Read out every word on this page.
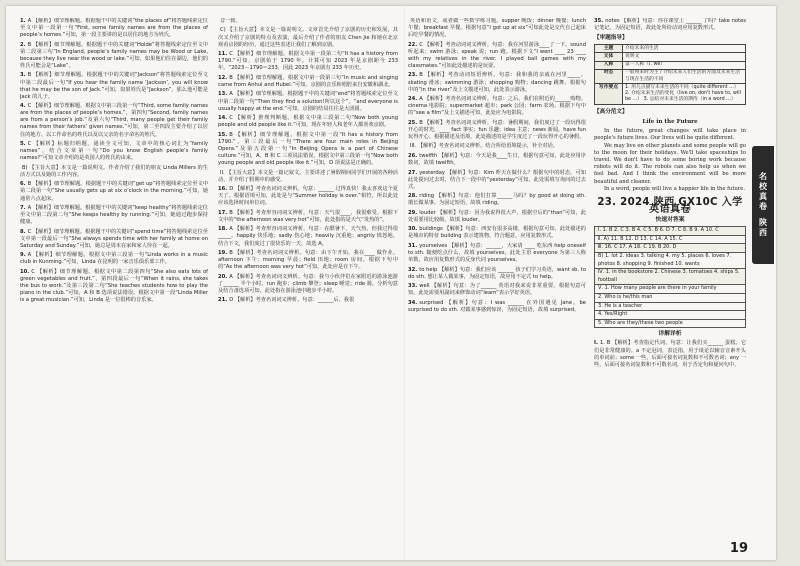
1. A 【解析】细节理解题。根据题干中的关键词“the places of”将答题线索定位至文中第一段第一句“First, some family names are from the places of people’s homes.”可知，第一段主要讲的是以居住的地方为姓氏。
2. B 【解析】细节理解题。根据题干中的关键词“Holde”将答题线索定位至文中第二段第三句“In England, people’s family names may be Wood or Lake, because they live near the wood or lake.”可知，如果他们住在湖边，他们的姓氏可能会是“Lake”。
3. B 【解析】细节理解题。根据题干中的关键词“Jackson”将答题线索定位至文中第二段最后一句“If you hear the family name ‘Jackson’, you will know that he may be the son of Jack.”可知，如果姓氏是“Jackson”，那么他可能是 Jack 的儿子。
4. C 【解析】细节理解题。根据文中第三段第一句“Third, some family names are from the places of people’s homes.”，第四句“Second, family names are from a person’s job.”及第六句“Third, many people get their family names from their fathers’ given names.”可知，第二至四段主要介绍了以居住的地方、以工作命名的姓氏以及以父亲的名字命名的姓氏。
5. C 【解析】标题归纳题。通读全文可知，文章中的核心词汇为“family names”，结合文章第一句“Do you know English people’s family names?”可知文章介绍的是英国人的姓氏的由来。
B) 【主旨大意】本文是一篇说明文。作者介绍了我们的朋友 Linda Millers 的生活方式以及她的工作内容。
6. B 【解析】细节理解题。根据题干中的关键词“get up”将答题线索定位至文中第二段第一句“She usually gets up at six o’clock in the morning.”可知，她通常六点起床。
7. A 【解析】细节理解题。根据题干中的关键词“keep healthy”将答题线索定位至文中第二段第二句“She keeps healthy by running.”可知，她通过跑步保持健康。
8. C 【解析】细节理解题。根据题干中的关键词“spend time”将答题线索定位至文中第一段最后一句“She always spends time with her family at home on Saturday and Sunday.”可知，她总是周末在家和家人待在一起。
9. A 【解析】细节理解题。根据文中第三段第一句“Linda works in a music club in Kunming.”可知，Linda 在昆明的一家音乐俱乐部工作。
10. C 【解析】细节理解题。根据文中第二段第四句“She also eats lots of green vegetables and fruit.”，第四段最后一句“When it rains, she takes the bus to work.”及第三段第二句“She teaches students how to play the piano in the club.”可知，A 和 B 选项说法错误。根据文中第一段“Linda Miller is a great musician.”可知，Linda 是一位很棒的音乐家。
音一致。
C) 【主旨大意】本文是一篇说明文。文章首先介绍了京剧的历史和发展，其次又介绍了京剧的特点及表演，最后介绍了作者的朋友 Chen Jie 和她在北京观看京剧的经历，通过这些表述让我们了解到京剧。
11. C 【解析】细节理解题。根据文中第一段第二句“It has a history from 1790.”可知，京剧始于 1790 年。计算可知 2023 年是京剧距今 233 年。“2023－1790＝233，因此 2023 年京剧有 233 年历史。
12. B 【解析】细节理解题。根据文中第一段第三句“In music and singing came from Anhui and Hubei.”可知，京剧的音乐和唱腔来自安徽和湖北。
13. A 【解析】细节理解题。根据题干中的关键词“end”将答题线索定位至文中第二段第一句“Then they find a solution!所以这个”，“and everyone is usually happy at the end.”可知，京剧的结局往往是大团圆。
14. C 【解析】推理判断题。根据文中第三段第二句“Now both young people and old people like it.”可知，现在年轻人和老年人都喜欢京剧。
15. B 【解析】细节理解题。根据文中第一段“It has a history from 1790.”，第三段最后一句“There are four main roles in Beijing Opera.”及第五段第一句“In Beijing Opera is a part of Chinese culture.”可知，A、B 和 C 三项说法错误。根据文中第三段第一句“Now both young people and old people like it.”可知，D 项说法是正确的。
II. 【主旨大意】本文是一篇记叙文。主要讲述了暑假期间同学们开展的各种活动，并介绍了假期中的感受。
16. D 【解析】考查名词词义辨析。句意：______ 过得真快！我太喜欢这个夏天了。根据语境可知，此处是与“Summer holiday is over.”相符，所以此处应该选择时间单位词。
17. B 【解析】考查形容词词义辨析。句意：天气很____，我很难受。根据下文中的“the afternoon was very hot”可知，此处指的是天气“炎热的”。
18. A 【解析】考查形容词词义辨析。句意：在酷暑下，天气热，但我过得很_____。happily 快乐地；sadly 伤心地；heavily 沉重地；angrily 愤怒地。结合下文，我们度过了很快乐的一天，故选 A。
19. B 【解析】考查名词词义辨析。句意：由下午开始，我在____ 做作业。afternoon 下午；morning 早晨；field 田地；room 房间。根据下句中的“As the afternoon was very hot”可知，此处应是在下午。
20. A 【解析】考查名词词义辨析。句意：我与小伙伴们在家附近的游泳池游了______ 半个小时。run 跑步；climb 攀登；sleep 睡觉；ride 骑。分析句意及结合备选项可知，此处指在游泳池中跑步半小时。
21. D 【解析】考查名词词义辨析。句意：______后，我很
英语和语文，或者做一些数学练习题。supper 晚饭；dinner 晚餐；lunch 午餐；breakfast 早餐。根据句意“I got up at six”可知此处是交代自己起床后吃早餐的情况。
22. C 【解析】考查动词词义辨析。句意：我在河里游泳____了一下。sound 听起来；swim 游泳；speak 说；run 跑。根据下文“I went ____ 23 ____ with my relatives in the river. I played ball games with my classmates.”可知此处描述的是玩耍。
23. B 【解析】考查动词短语辨析。句意：我和我的亲戚在河里_____。skating 滑冰；swimming 游泳；shopping 购物；dancing 跳舞。根据句中的“in the river”及上文描述可知，此处表示游泳。
24. A 【解析】考查名词词义辨析。句意：之后，我们在附近的______购物。cinema 电影院；supermarket 超市；park 公园；farm 农场。根据下句中的“see a film”及上文描述可知，此处应为电影院。
25. B 【解析】考查名词词义辨析。句意：暑假期间，我们度过了一段玩得很开心的时光，____ fact 事实；fun 乐趣；idea 主意；news 新闻。have fun 玩得开心。根据描述及语境，此处描述的是学生度过了一段玩得开心的暑假。
III. 【解析】考查名词词义辨析。结合所给语境提示，补全对话。
26. twelfth 【解析】句意：今天是我____生日，根据句意可知，此处应用序数词，故填 twelfth。
27. yesterday 【解析】句意：Kim 昨天在做什么？根据句中的时态，可知此处提问过去时，结合下一段中的“yesterday”可知，此处需填写询问的过去式。
28. riding 【解析】句意：他们打算______马吗？by good at doing sth. 擅长做某事。为固定短语，故填 riding。
29. louder 【解析】句意：因为我说得很大声，根据空后的“than”可知，此处需要用比较级，故填 louder。
30. buildings 【解析】句意：西安有很多高楼，根据句意可知，此处描述的是城市的特征 building 表示建筑物，符合题意，应用复数形式。
31. yourselves 【解析】句意：______，大家请 ____ 吃东西 help oneself to sth. 随便吃点什么，故填 yourselves。此处主语 everyone 为第三人称单数，故应用复数形式的反身代词 yourselves。
32. to help 【解析】句意：我们应该 ______ 孩子们学习英语，want sb. to do sth. 想让某人做某事，为固定短语，故应用不定式 to help。
33. well 【解析】句意：为了______ 英语对我来说非常重要。根据句意可知，此处需要用副词来修饰动词“learn”表示学好英语。
34. surprised 【解析】句意：I was ______ 在外国遇见 Jane。be surprised to do sth. 对做某事感到惊讶，为固定短语，故填 surprised。
35. notes 【解析】句意：你在课堂上 ______ 了吗？take notes 记笔记，为固定短语，故此处所给动词应用复数形式。
【审题指导】
主题	介绍未来的生活
文体	说明文
人称	第一人称（I, we）
时态	一般将来时为主 / 介绍未来人们生活的方面及未来生活与现在生活的不同
写作要点	1. 用几点描写未来生活的不同（quite different …） 2. 介绍未来生活的变化（live on, don't have to, will be …） 3. 总结对未来生活的期待（in a word …）
【高分范文】
Life in the Future

In the future, great changes will take place in people's future lives. Our lives will be quite different.

We may live on other planets and some people will go to the moon for their holidays. We'll take spaceships to travel. We don't have to do some boring work because robots will do it. The robots can also help us when we feel bad. And I think the environment will be more beautiful and cleaner.

In a word, people will live a happier life in the future.

23. 2024 陕西 GX10C 入学英语真卷
快速对答案
Ⅰ. 1. B 2. C 3. B 4. C 5. B 6. D 7. C 8. B 9. A 10. C
Ⅱ. A) 11. B 12. D 13. C 14. A 15. C
Ⅲ. 16. C 17. A 18. C 19. B 20. D
B) 1. lot 2. ideas 3. talking 4. my 5. places 6. loves 7. photos 8. shopping 9. finished 10. wants
Ⅳ. 1. in the bookstore 2. Chinese 3. tomatoes 4. ships 5. football
Ⅴ. 1. How many people are there in your family
2. Who is he/this man
3. He is a teacher
4. Yes/Right
5. Who are they/these two people
详解详析
Ⅰ. 1. B 【解析】考查指定代词。句意：让我们买______ 蛋糕。它们是非常健康的。a 不定冠词，表泛指，用于谈论以辅音音素开头的单词前；some 一些，后面可接名词复数和不可数名词；any 一些，后面可接名词复数和不可数名词，用于否定句和疑问句中。
名校真卷
陕西
19
